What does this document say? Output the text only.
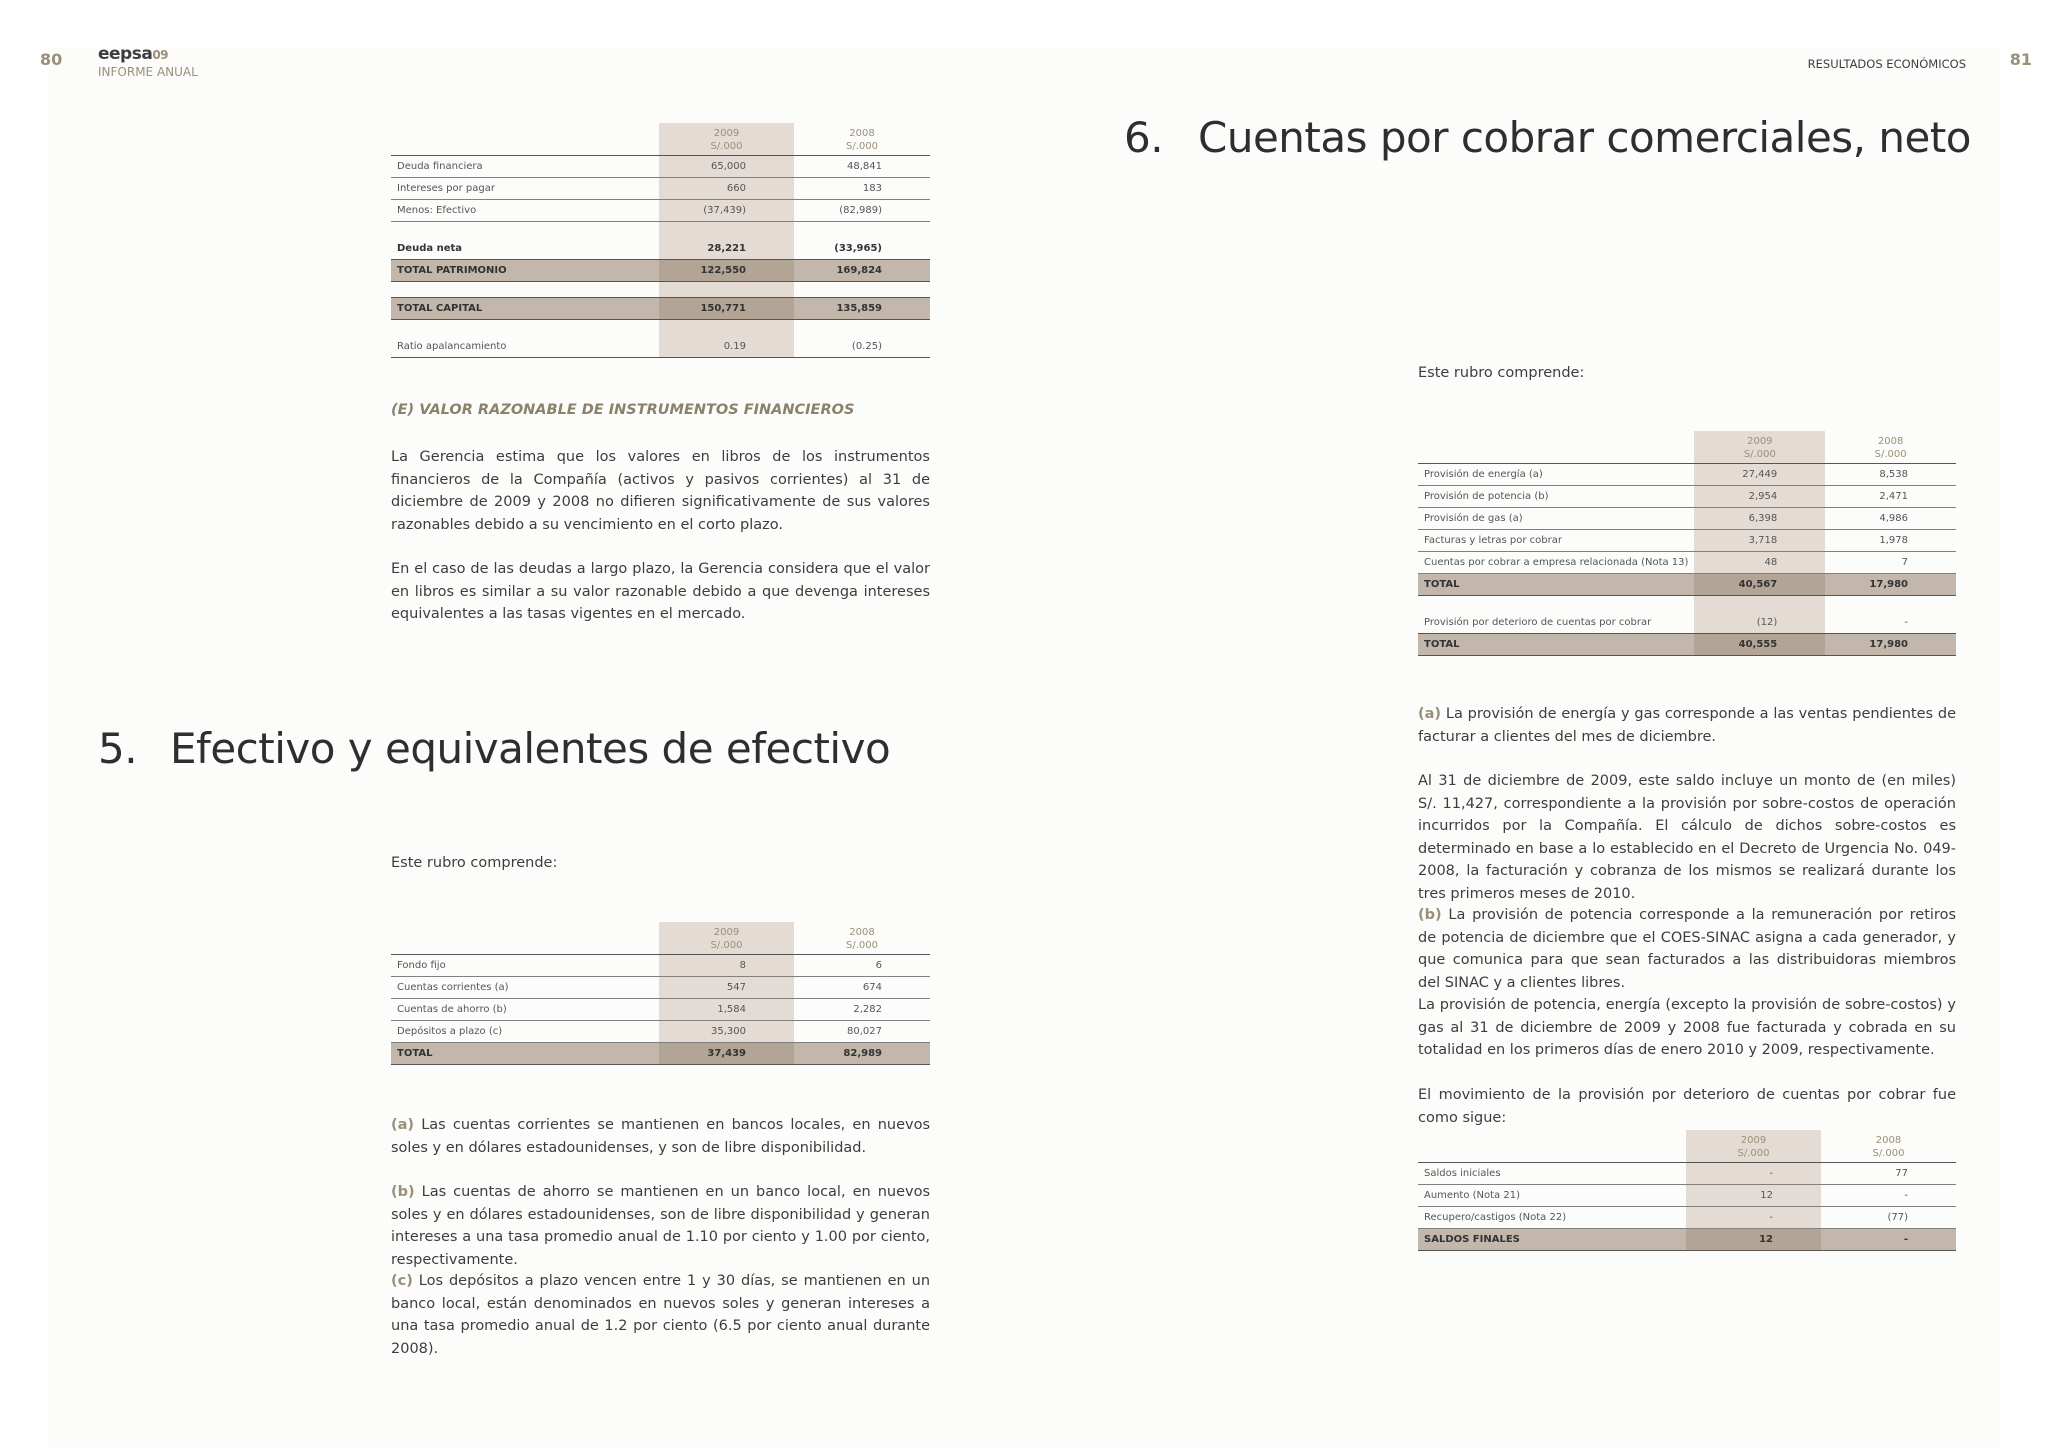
80 eepsa09
INFORME ANUAL
RESULTADOS ECONÓMICOS	81
	2009
S/.000	2008
S/.000
Deuda financiera	65,000	48,841
Intereses por pagar	660	183
Menos: Efectivo	(37,439)	(82,989)

Deuda neta	28,221	(33,965)
TOTAL PATRIMONIO	122,550	169,824

TOTAL CAPITAL	150,771	135,859

Ratio apalancamiento	0.19	(0.25)
(E) VALOR RAZONABLE DE INSTRUMENTOS FINANCIEROS
La Gerencia estima que los valores en libros de los instrumentos financieros de la Compañía (activos y pasivos corrientes) al 31 de diciembre de 2009 y 2008 no difieren significativamente de sus valores razonables debido a su vencimiento en el corto plazo.
En el caso de las deudas a largo plazo, la Gerencia considera que el valor en libros es similar a su valor razonable debido a que devenga intereses equivalentes a las tasas vigentes en el mercado.
5. Efectivo y equivalentes de efectivo
Este rubro comprende:
	2009
S/.000	2008
S/.000
Fondo fijo	8	6
Cuentas corrientes (a)	547	674
Cuentas de ahorro (b)	1,584	2,282
Depósitos a plazo (c)	35,300	80,027
TOTAL	37,439	82,989
(a) Las cuentas corrientes se mantienen en bancos locales, en nuevos soles y en dólares estadounidenses, y son de libre disponibilidad.
(b) Las cuentas de ahorro se mantienen en un banco local, en nuevos soles y en dólares estadounidenses, son de libre disponibilidad y generan intereses a una tasa promedio anual de 1.10 por ciento y 1.00 por ciento, respectivamente.
(c) Los depósitos a plazo vencen entre 1 y 30 días, se mantienen en un banco local, están denominados en nuevos soles y generan intereses a una tasa promedio anual de 1.2 por ciento (6.5 por ciento anual durante 2008).
6. Cuentas por cobrar comerciales, neto
Este rubro comprende:
	2009
S/.000	2008
S/.000
Provisión de energía (a)	27,449	8,538
Provisión de potencia (b)	2,954	2,471
Provisión de gas (a)	6,398	4,986
Facturas y letras por cobrar	3,718	1,978
Cuentas por cobrar a empresa relacionada (Nota 13)	48	7
TOTAL	40,567	17,980

Provisión por deterioro de cuentas por cobrar	(12)	-
TOTAL	40,555	17,980
(a) La provisión de energía y gas corresponde a las ventas pendientes de facturar a clientes del mes de diciembre.
Al 31 de diciembre de 2009, este saldo incluye un monto de (en miles) S/. 11,427, correspondiente a la provisión por sobre-costos de operación incurridos por la Compañía. El cálculo de dichos sobre-costos es determinado en base a lo establecido en el Decreto de Urgencia No. 049-2008, la facturación y cobranza de los mismos se realizará durante los tres primeros meses de 2010.
(b) La provisión de potencia corresponde a la remuneración por retiros de potencia de diciembre que el COES-SINAC asigna a cada generador, y que comunica para que sean facturados a las distribuidoras miembros del SINAC y a clientes libres.
La provisión de potencia, energía (excepto la provisión de sobre-costos) y gas al 31 de diciembre de 2009 y 2008 fue facturada y cobrada en su totalidad en los primeros días de enero 2010 y 2009, respectivamente.
El movimiento de la provisión por deterioro de cuentas por cobrar fue como sigue:
	2009
S/.000	2008
S/.000
Saldos iniciales	-	77
Aumento (Nota 21)	12	-
Recupero/castigos (Nota 22)	-	(77)
SALDOS FINALES	12	-
